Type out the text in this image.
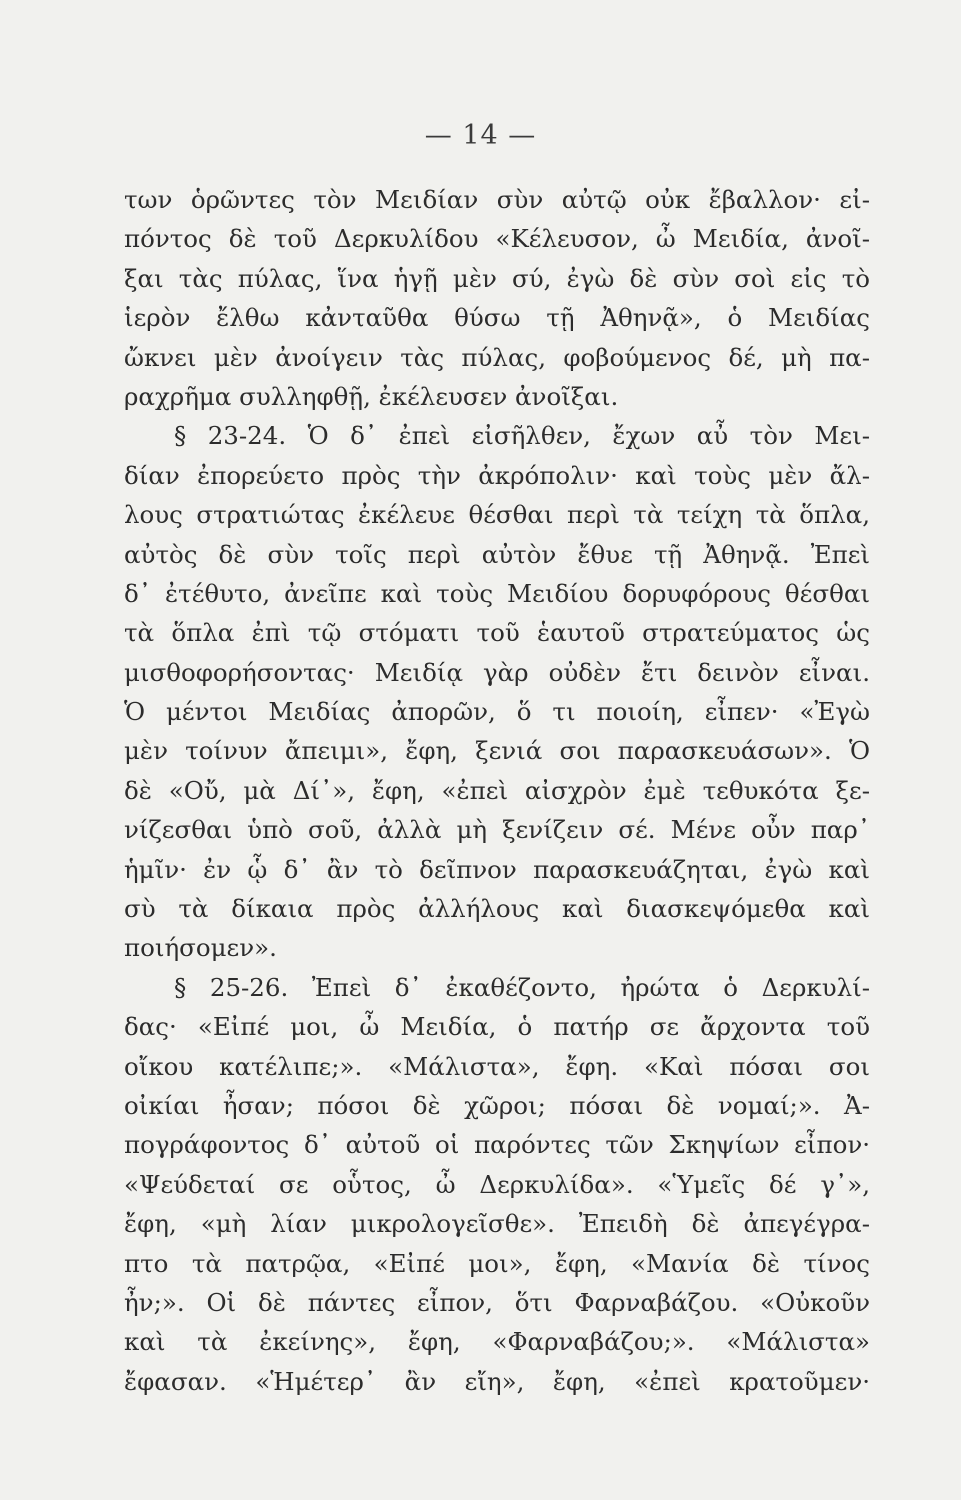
— 14 —
των ὁρῶντες τὸν Μειδίαν σὺν αὐτῷ οὐκ ἔβαλλον· εἰ-
πόντος δὲ τοῦ Δερκυλίδου «Κέλευσον, ὦ Μειδία, ἀνοῖ-
ξαι τὰς πύλας, ἵνα ἡγῇ μὲν σύ, ἐγὼ δὲ σὺν σοὶ εἰς τὸ
ἱερὸν ἔλθω κἀνταῦθα θύσω τῇ Ἀθηνᾷ», ὁ Μειδίας
ὤκνει μὲν ἀνοίγειν τὰς πύλας, φοβούμενος δέ, μὴ πα-
ραχρῆμα συλληφθῇ, ἐκέλευσεν ἀνοῖξαι.
§ 23-24. Ὁ δ᾽ ἐπεὶ εἰσῆλθεν, ἔχων αὖ τὸν Μει-
δίαν ἐπορεύετο πρὸς τὴν ἀκρόπολιν· καὶ τοὺς μὲν ἄλ-
λους στρατιώτας ἐκέλευε θέσθαι περὶ τὰ τείχη τὰ ὅπλα,
αὐτὸς δὲ σὺν τοῖς περὶ αὐτὸν ἔθυε τῇ Ἀθηνᾷ. Ἐπεὶ
δ᾽ ἐτέθυτο, ἀνεῖπε καὶ τοὺς Μειδίου δορυφόρους θέσθαι
τὰ ὅπλα ἐπὶ τῷ στόματι τοῦ ἑαυτοῦ στρατεύματος ὡς
μισθοφορήσοντας· Μειδίᾳ γὰρ οὐδὲν ἔτι δεινὸν εἶναι.
Ὁ μέντοι Μειδίας ἀπορῶν, ὅ τι ποιοίη, εἶπεν· «Ἐγὼ
μὲν τοίνυν ἄπειμι», ἔφη, ξενιά σοι παρασκευάσων». Ὁ
δὲ «Οὔ, μὰ Δί᾽», ἔφη, «ἐπεὶ αἰσχρὸν ἐμὲ τεθυκότα ξε-
νίζεσθαι ὑπὸ σοῦ, ἀλλὰ μὴ ξενίζειν σέ. Μένε οὖν παρ᾽
ἡμῖν· ἐν ᾧ δ᾽ ἂν τὸ δεῖπνον παρασκευάζηται, ἐγὼ καὶ
σὺ τὰ δίκαια πρὸς ἀλλήλους καὶ διασκεψόμεθα καὶ
ποιήσομεν».
§ 25-26. Ἐπεὶ δ᾽ ἐκαθέζοντο, ἠρώτα ὁ Δερκυλί-
δας· «Εἰπέ μοι, ὦ Μειδία, ὁ πατήρ σε ἄρχοντα τοῦ
οἴκου κατέλιπε;». «Μάλιστα», ἔφη. «Καὶ πόσαι σοι
οἰκίαι ἦσαν; πόσοι δὲ χῶροι; πόσαι δὲ νομαί;». Ἀ-
πογράφοντος δ᾽ αὐτοῦ οἱ παρόντες τῶν Σκηψίων εἶπον·
«Ψεύδεταί σε οὗτος, ὦ Δερκυλίδα». «Ὑμεῖς δέ γ᾽»,
ἔφη, «μὴ λίαν μικρολογεῖσθε». Ἐπειδὴ δὲ ἀπεγέγρα-
πτο τὰ πατρῷα, «Εἰπέ μοι», ἔφη, «Μανία δὲ τίνος
ἦν;». Οἱ δὲ πάντες εἶπον, ὅτι Φαρναβάζου. «Οὐκοῦν
καὶ τὰ ἐκείνης», ἔφη, «Φαρναβάζου;». «Μάλιστα»
ἔφασαν. «Ἡμέτερ᾽ ἂν εἴη», ἔφη, «ἐπεὶ κρατοῦμεν·
